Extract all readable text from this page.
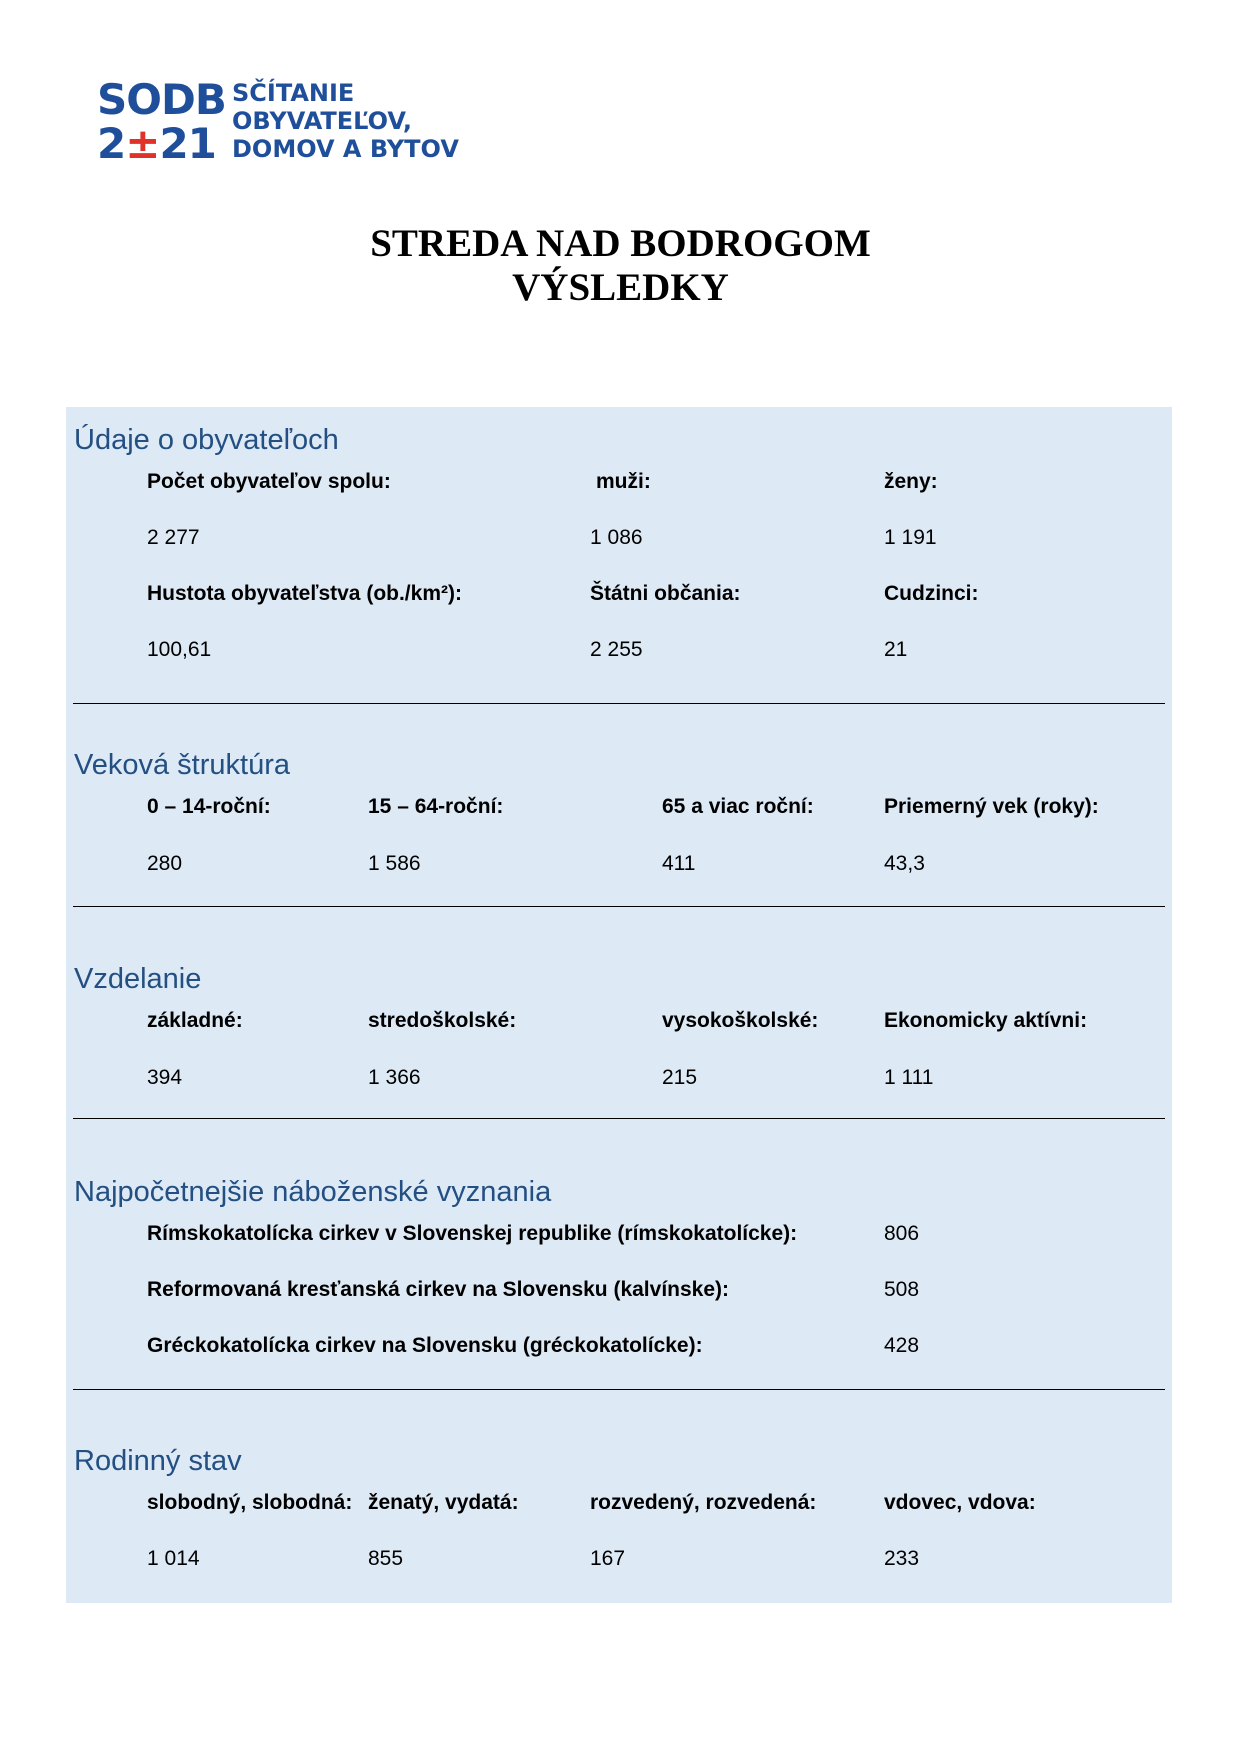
SODB
2±21
SČÍTANIE
OBYVATEĽOV,
DOMOV A BYTOV
STREDA NAD BODROGOM
VÝSLEDKY
Údaje o obyvateľoch
Počet obyvateľov spolu:	muži:	ženy:
2 277	1 086	1 191
Hustota obyvateľstva (ob./km²):	Štátni občania:	Cudzinci:
100,61	2 255	21
Veková štruktúra
0 – 14-roční:	15 – 64-roční:	65 a viac roční:	Priemerný vek (roky):
280	1 586	411	43,3
Vzdelanie
základné:	stredoškolské:	vysokoškolské:	Ekonomicky aktívni:
394	1 366	215	1 111
Najpočetnejšie náboženské vyznania
Rímskokatolícka cirkev v Slovenskej republike (rímskokatolícke):	806
Reformovaná kresťanská cirkev na Slovensku (kalvínske):	508
Gréckokatolícka cirkev na Slovensku (gréckokatolícke):	428
Rodinný stav
slobodný, slobodná: ženatý, vydatá:	rozvedený, rozvedená:	vdovec, vdova:
1 014	855	167	233
